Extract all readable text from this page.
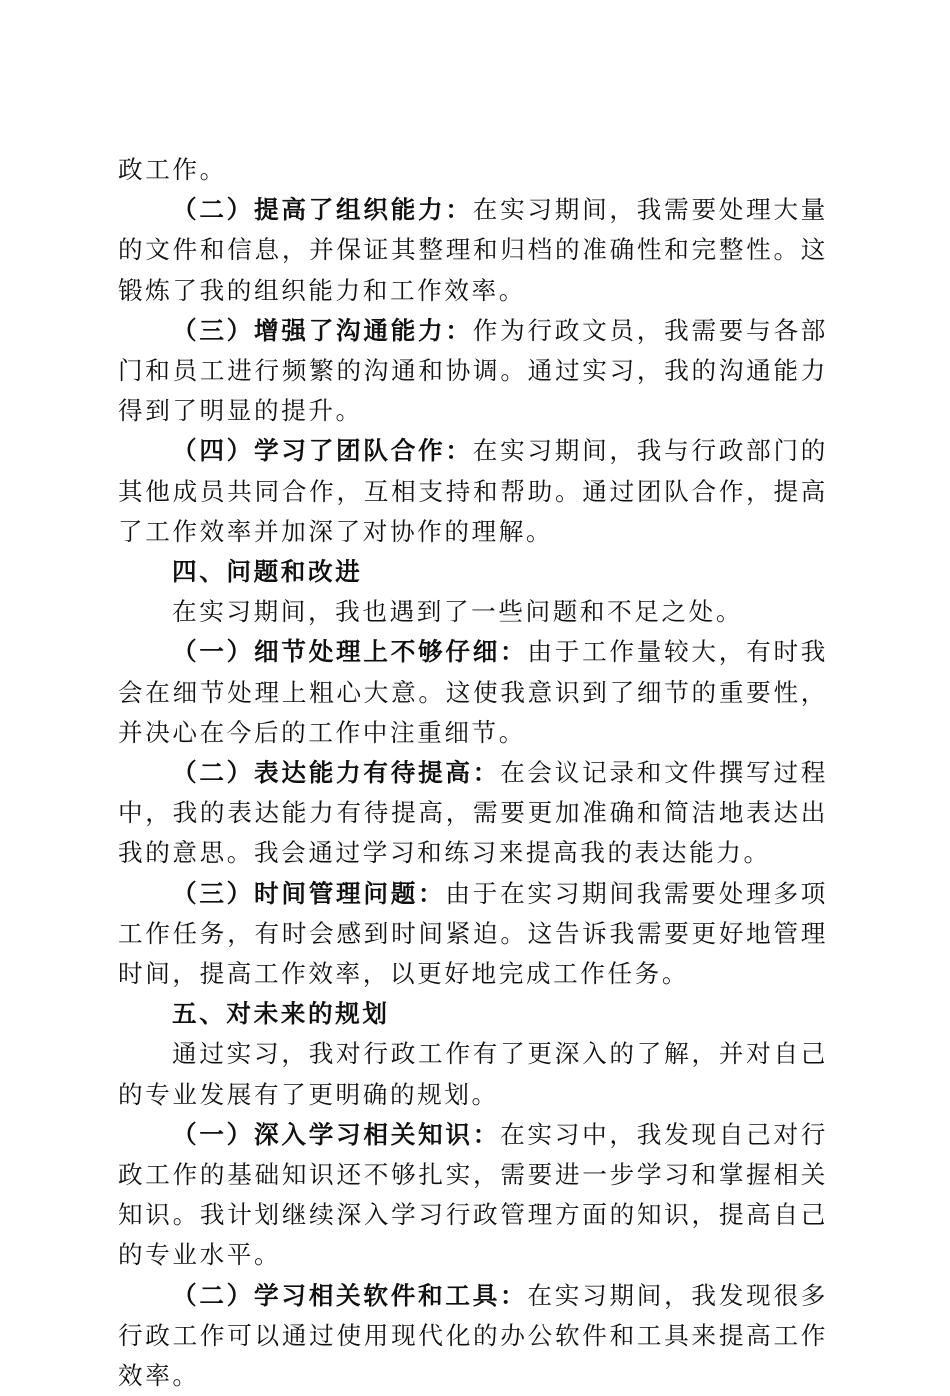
政工作。

（二）提高了组织能力：在实习期间，我需要处理大量的文件和信息，并保证其整理和归档的准确性和完整性。这锻炼了我的组织能力和工作效率。

（三）增强了沟通能力：作为行政文员，我需要与各部门和员工进行频繁的沟通和协调。通过实习，我的沟通能力得到了明显的提升。

（四）学习了团队合作：在实习期间，我与行政部门的其他成员共同合作，互相支持和帮助。通过团队合作，提高了工作效率并加深了对协作的理解。

四、问题和改进

在实习期间，我也遇到了一些问题和不足之处。

（一）细节处理上不够仔细：由于工作量较大，有时我会在细节处理上粗心大意。这使我意识到了细节的重要性，并决心在今后的工作中注重细节。

（二）表达能力有待提高：在会议记录和文件撰写过程中，我的表达能力有待提高，需要更加准确和简洁地表达出我的意思。我会通过学习和练习来提高我的表达能力。

（三）时间管理问题：由于在实习期间我需要处理多项工作任务，有时会感到时间紧迫。这告诉我需要更好地管理时间，提高工作效率，以更好地完成工作任务。

五、对未来的规划

通过实习，我对行政工作有了更深入的了解，并对自己的专业发展有了更明确的规划。

（一）深入学习相关知识：在实习中，我发现自己对行政工作的基础知识还不够扎实，需要进一步学习和掌握相关知识。我计划继续深入学习行政管理方面的知识，提高自己的专业水平。

（二）学习相关软件和工具：在实习期间，我发现很多行政工作可以通过使用现代化的办公软件和工具来提高工作效率。
